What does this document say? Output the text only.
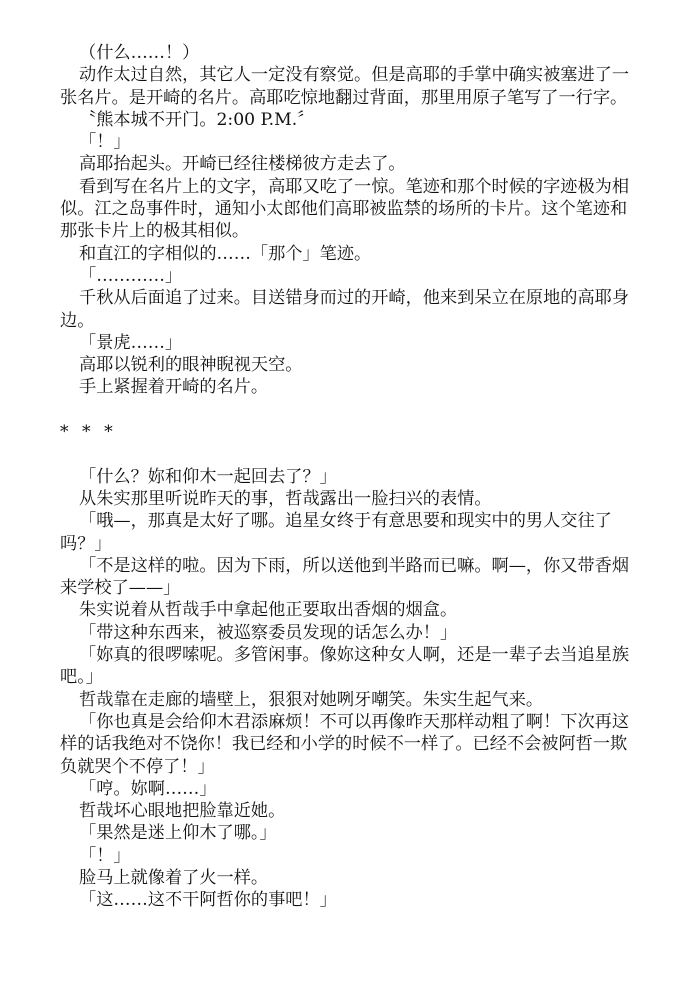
（什么……！）

动作太过自然，其它人一定没有察觉。但是高耶的手掌中确实被塞进了一张名片。是开崎的名片。高耶吃惊地翻过背面，那里用原子笔写了一行字。

〝熊本城不开门。2:00 P.M.〞

「！」

高耶抬起头。开崎已经往楼梯彼方走去了。

看到写在名片上的文字，高耶又吃了一惊。笔迹和那个时候的字迹极为相似。江之岛事件时，通知小太郎他们高耶被监禁的场所的卡片。这个笔迹和那张卡片上的极其相似。

和直江的字相似的……「那个」笔迹。

「…………」

千秋从后面追了过来。目送错身而过的开崎，他来到呆立在原地的高耶身边。

「景虎……」

高耶以锐利的眼神睨视天空。

手上紧握着开崎的名片。

* * *

「什么？妳和仰木一起回去了？」

从朱实那里听说昨天的事，哲哉露出一脸扫兴的表情。

「哦—，那真是太好了哪。追星女终于有意思要和现实中的男人交往了吗？」

「不是这样的啦。因为下雨，所以送他到半路而已嘛。啊—，你又带香烟来学校了——」

朱实说着从哲哉手中拿起他正要取出香烟的烟盒。

「带这种东西来，被巡察委员发现的话怎么办！」

「妳真的很啰嗦呢。多管闲事。像妳这种女人啊，还是一辈子去当追星族吧。」

哲哉靠在走廊的墙壁上，狠狠对她咧牙嘲笑。朱实生起气来。

「你也真是会给仰木君添麻烦！不可以再像昨天那样动粗了啊！下次再这样的话我绝对不饶你！我已经和小学的时候不一样了。已经不会被阿哲一欺负就哭个不停了！」

「哼。妳啊……」

哲哉坏心眼地把脸靠近她。

「果然是迷上仰木了哪。」

「！」

脸马上就像着了火一样。

「这……这不干阿哲你的事吧！」
